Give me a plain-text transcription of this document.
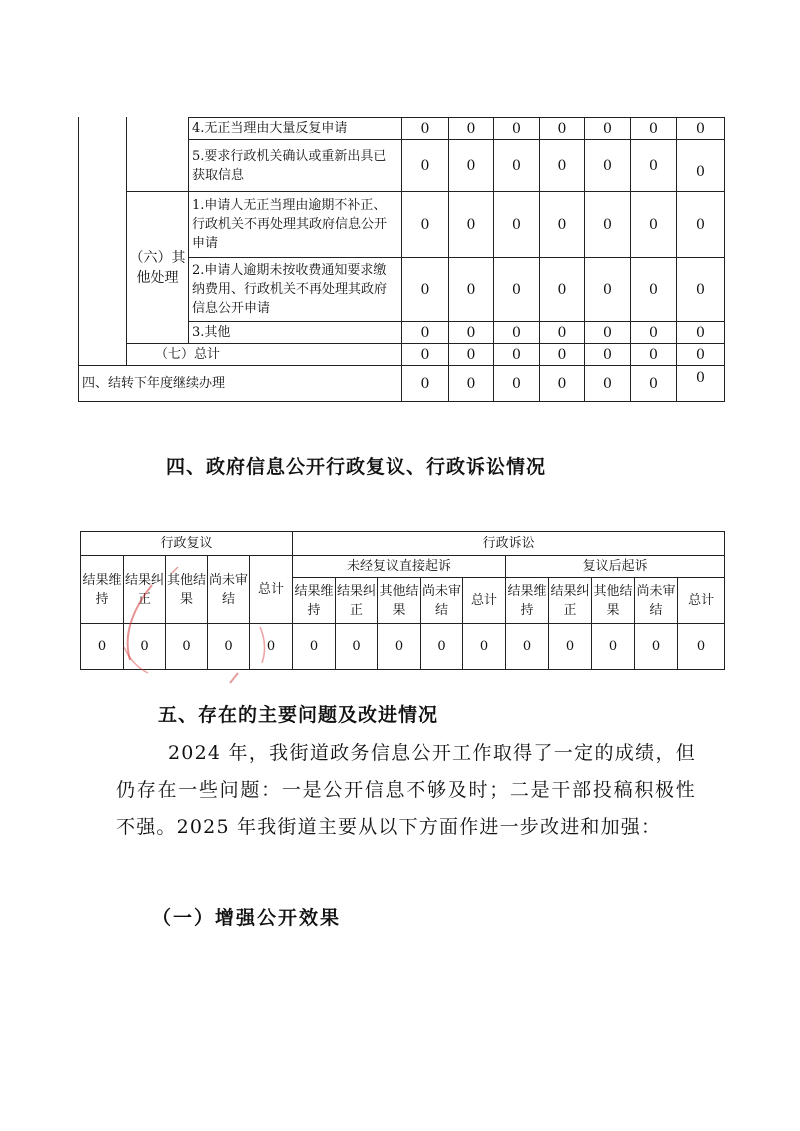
		4.无正当理由大量反复申请	0	0	0	0	0	0	0
		5.要求行政机关确认或重新出具已获取信息	0	0	0	0	0	0	0
	（六）其他处理	1.申请人无正当理由逾期不补正、行政机关不再处理其政府信息公开申请	0	0	0	0	0	0	0
		2.申请人逾期未按收费通知要求缴纳费用、行政机关不再处理其政府信息公开申请	0	0	0	0	0	0	0
		3.其他	0	0	0	0	0	0	0
	（七）总计		0	0	0	0	0	0	0
四、结转下年度继续办理			0	0	0	0	0	0	0
四、政府信息公开行政复议、行政诉讼情况
行政复议					行政诉讼									
结果维持	结果纠正	其他结果	尚未审结	总计	未经复议直接起诉					复议后起诉				
					结果维持	结果纠正	其他结果	尚未审结	总计	结果维持	结果纠正	其他结果	尚未审结	总计
0	0	0	0	0	0	0	0	0	0	0	0	0	0	0
五、存在的主要问题及改进情况
2024 年，我街道政务信息公开工作取得了一定的成绩，但仍存在一些问题：一是公开信息不够及时；二是干部投稿积极性不强。2025 年我街道主要从以下方面作进一步改进和加强：
（一）增强公开效果
